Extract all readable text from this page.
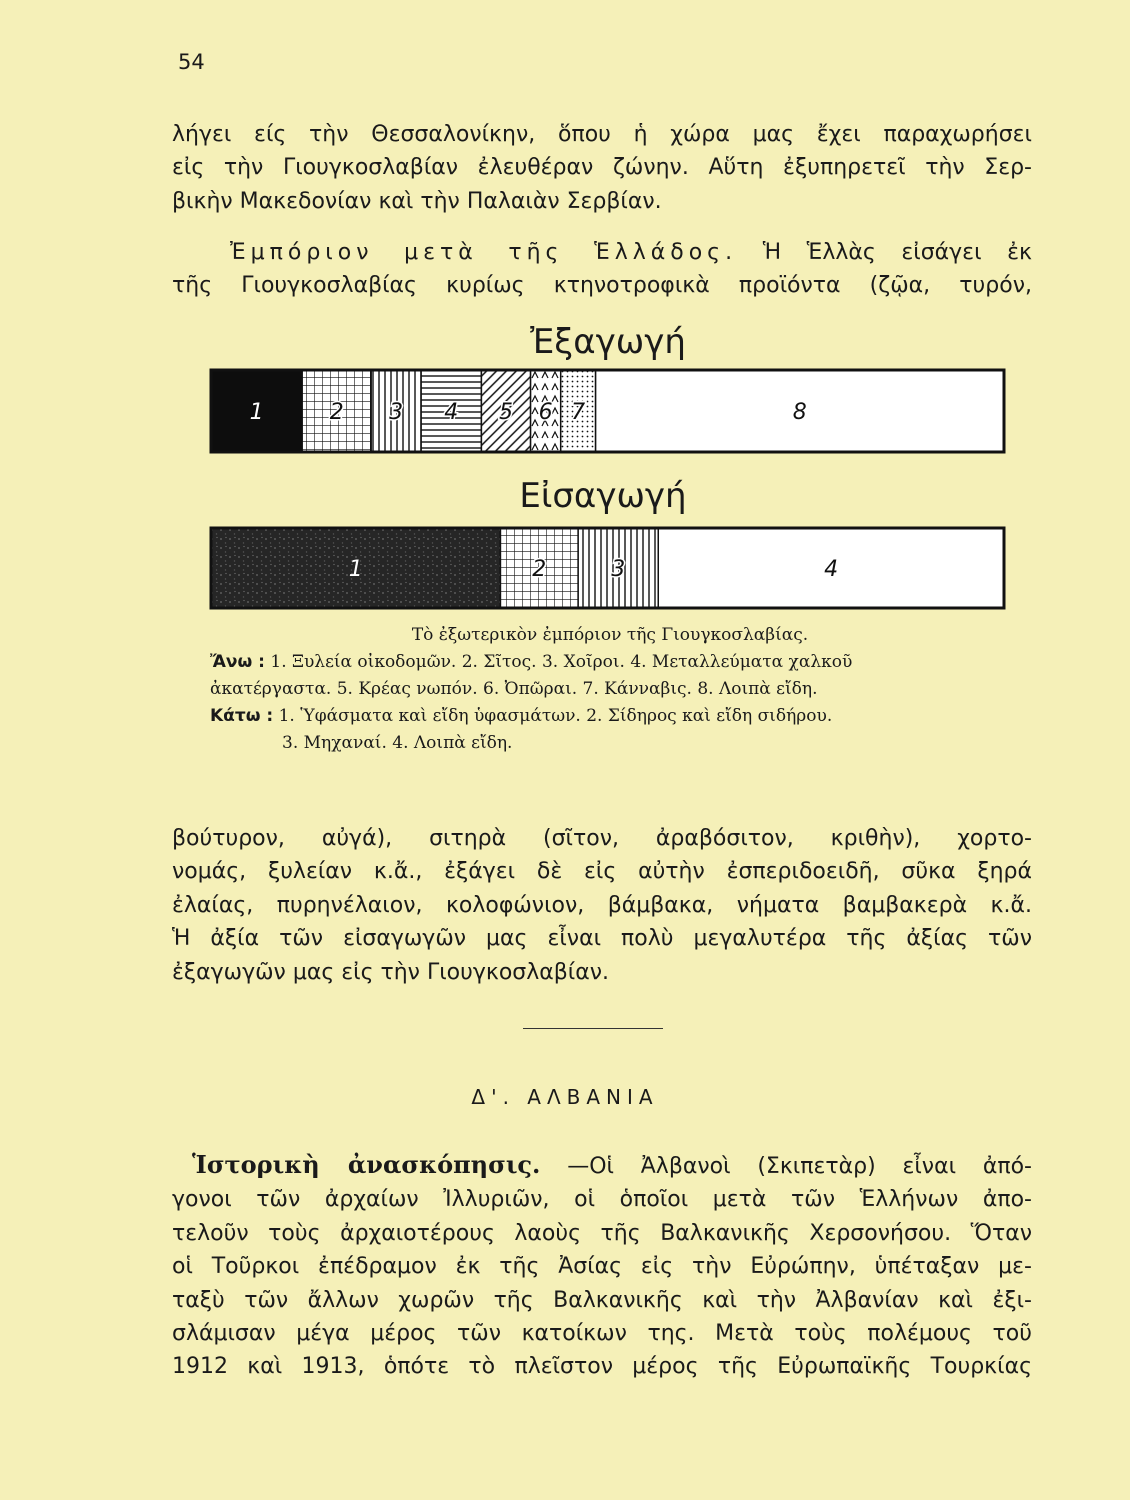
54

λήγει είς τὴν Θεσσαλονίκην, ὅπου ἡ χώρα μας ἔχει παραχωρήσει
εἰς τὴν Γιουγκοσλαβίαν ἐλευθέραν ζώνην. Αὕτη ἐξυπηρετεῖ τὴν Σερ-
βικὴν Μακεδονίαν καὶ τὴν Παλαιὰν Σερβίαν.

Ἐμπόριον μετὰ τῆς Ἑλλάδος. Ἡ Ἑλλὰς εἰσάγει ἐκ
τῆς Γιουγκοσλαβίας κυρίως κτηνοτροφικὰ προϊόντα (ζῷα, τυρόν,

Ἐξαγωγή
1	2 3 4 5 6 7	8
Εἰσαγωγή
1	2	3	4
Τὸ ἐξωτερικὸν ἐμπόριον τῆς Γιουγκοσλαβίας.
Ἄνω : 1. Ξυλεία οἰκοδομῶν. 2. Σῖτος. 3. Χοῖροι. 4. Μεταλλεύματα χαλκοῦ
ἀκατέργαστα. 5. Κρέας νωπόν. 6. Ὀπῶραι. 7. Κάνναβις. 8. Λοιπὰ εἴδη.
Κάτω : 1. Ὑφάσματα καὶ εἴδη ὑφασμάτων. 2. Σίδηρος καὶ εἴδη σιδήρου.
3. Μηχαναί. 4. Λοιπὰ εἴδη.

βούτυρον, αὐγά), σιτηρὰ (σῖτον, ἀραβόσιτον, κριθὴν), χορτο-
νομάς, ξυλείαν κ.ἄ., ἐξάγει δὲ εἰς αὐτὴν ἐσπεριδοειδῆ, σῦκα ξηρά
ἐλαίας, πυρηνέλαιον, κολοφώνιον, βάμβακα, νήματα βαμβακερὰ κ.ἄ.
Ἡ ἀξία τῶν εἰσαγωγῶν μας εἶναι πολὺ μεγαλυτέρα τῆς ἀξίας τῶν
ἐξαγωγῶν μας εἰς τὴν Γιουγκοσλαβίαν.

Δ'. ΑΛΒΑΝΙΑ

Ἱστορικὴ ἀνασκόπησις. —Οἱ Ἀλβανοὶ (Σκιπετὰρ) εἶναι ἀπό-
γονοι τῶν ἀρχαίων Ἰλλυριῶν, οἱ ὁποῖοι μετὰ τῶν Ἑλλήνων ἀπο-
τελοῦν τοὺς ἀρχαιοτέρους λαοὺς τῆς Βαλκανικῆς Χερσονήσου. Ὅταν
οἱ Τοῦρκοι ἐπέδραμον ἐκ τῆς Ἀσίας εἰς τὴν Εὐρώπην, ὑπέταξαν με-
ταξὺ τῶν ἄλλων χωρῶν τῆς Βαλκανικῆς καὶ τὴν Ἀλβανίαν καὶ ἐξι-
σλάμισαν μέγα μέρος τῶν κατοίκων της. Μετὰ τοὺς πολέμους τοῦ
1912 καὶ 1913, ὁπότε τὸ πλεῖστον μέρος τῆς Εὐρωπαϊκῆς Τουρκίας
